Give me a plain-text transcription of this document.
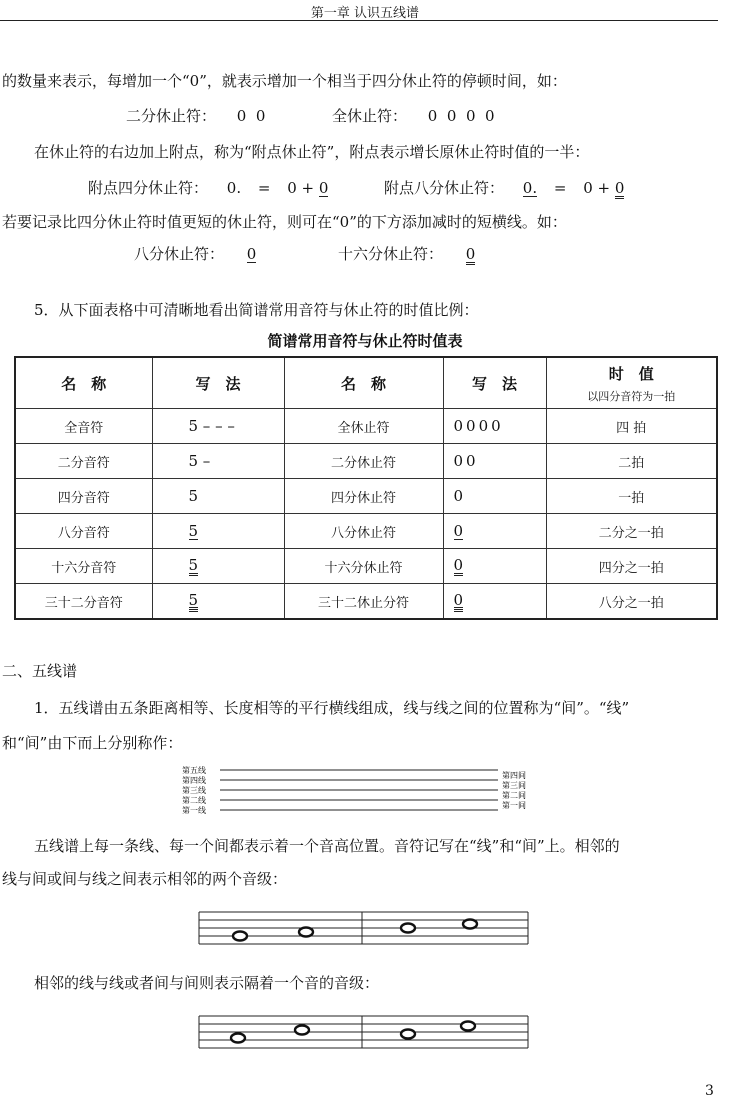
第一章 认识五线谱
的数量来表示，每增加一个“0”，就表示增加一个相当于四分休止符的停顿时间，如：
二分休止符： 0  0	全休止符： 0  0  0  0
在休止符的右边加上附点，称为“附点休止符”，附点表示增长原休止符时值的一半：
附点四分休止符： 0. = 0 + 0	附点八分休止符： 0. = 0 + 0
若要记录比四分休止符时值更短的休止符，则可在“0”的下方添加减时的短横线。如：
八分休止符： 0	十六分休止符： 0
5．从下面表格中可清晰地看出简谱常用音符与休止符的时值比例：
简谱常用音符与休止符时值表
名　称	写　法	名　称	写　法	时　值
以四分音符为一拍

全音符	5 – – –	全休止符	0000	四 拍
二分音符	5 –	二分休止符	00	二拍
四分音符	5	四分休止符	0	一拍
八分音符	5	八分休止符	0	二分之一拍
十六分音符	5	十六分休止符	0	四分之一拍
三十二分音符	5	三十二休止分符	0	八分之一拍
二、五线谱
1．五线谱由五条距离相等、长度相等的平行横线组成，线与线之间的位置称为“间”。“线”
和“间”由下而上分别称作：
第五线
第四线
第三线
第二线
第一线
第四间
第三间
第二间
第一间
五线谱上每一条线、每一个间都表示着一个音高位置。音符记写在“线”和“间”上。相邻的
线与间或间与线之间表示相邻的两个音级：
相邻的线与线或者间与间则表示隔着一个音的音级：
3
